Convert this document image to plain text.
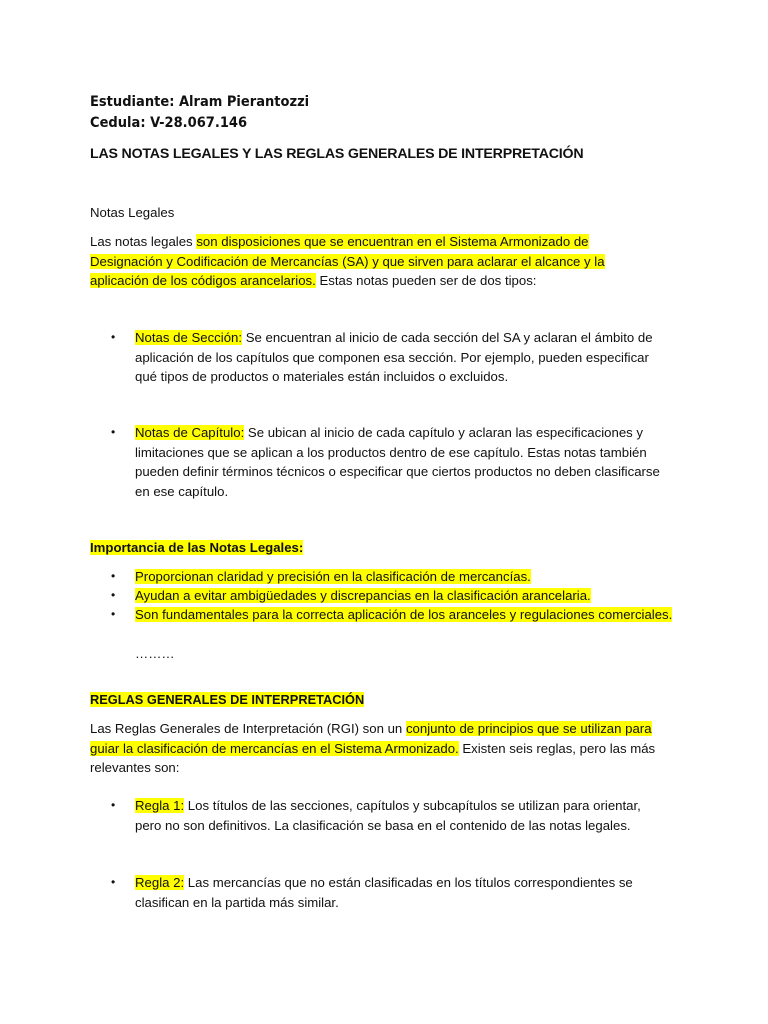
Estudiante: Alram Pierantozzi
Cedula: V-28.067.146
LAS NOTAS LEGALES Y LAS REGLAS GENERALES DE INTERPRETACIÓN
Notas Legales
Las notas legales son disposiciones que se encuentran en el Sistema Armonizado de Designación y Codificación de Mercancías (SA) y que sirven para aclarar el alcance y la aplicación de los códigos arancelarios. Estas notas pueden ser de dos tipos:
•	Notas de Sección: Se encuentran al inicio de cada sección del SA y aclaran el ámbito de aplicación de los capítulos que componen esa sección. Por ejemplo, pueden especificar qué tipos de productos o materiales están incluidos o excluidos.
•	Notas de Capítulo: Se ubican al inicio de cada capítulo y aclaran las especificaciones y limitaciones que se aplican a los productos dentro de ese capítulo. Estas notas también pueden definir términos técnicos o especificar que ciertos productos no deben clasificarse en ese capítulo.
Importancia de las Notas Legales:
•	Proporcionan claridad y precisión en la clasificación de mercancías.
•	Ayudan a evitar ambigüedades y discrepancias en la clasificación arancelaria.
•	Son fundamentales para la correcta aplicación de los aranceles y regulaciones comerciales.
………
REGLAS GENERALES DE INTERPRETACIÓN
Las Reglas Generales de Interpretación (RGI) son un conjunto de principios que se utilizan para guiar la clasificación de mercancías en el Sistema Armonizado. Existen seis reglas, pero las más relevantes son:
•	Regla 1: Los títulos de las secciones, capítulos y subcapítulos se utilizan para orientar, pero no son definitivos. La clasificación se basa en el contenido de las notas legales.
•	Regla 2: Las mercancías que no están clasificadas en los títulos correspondientes se clasifican en la partida más similar.
